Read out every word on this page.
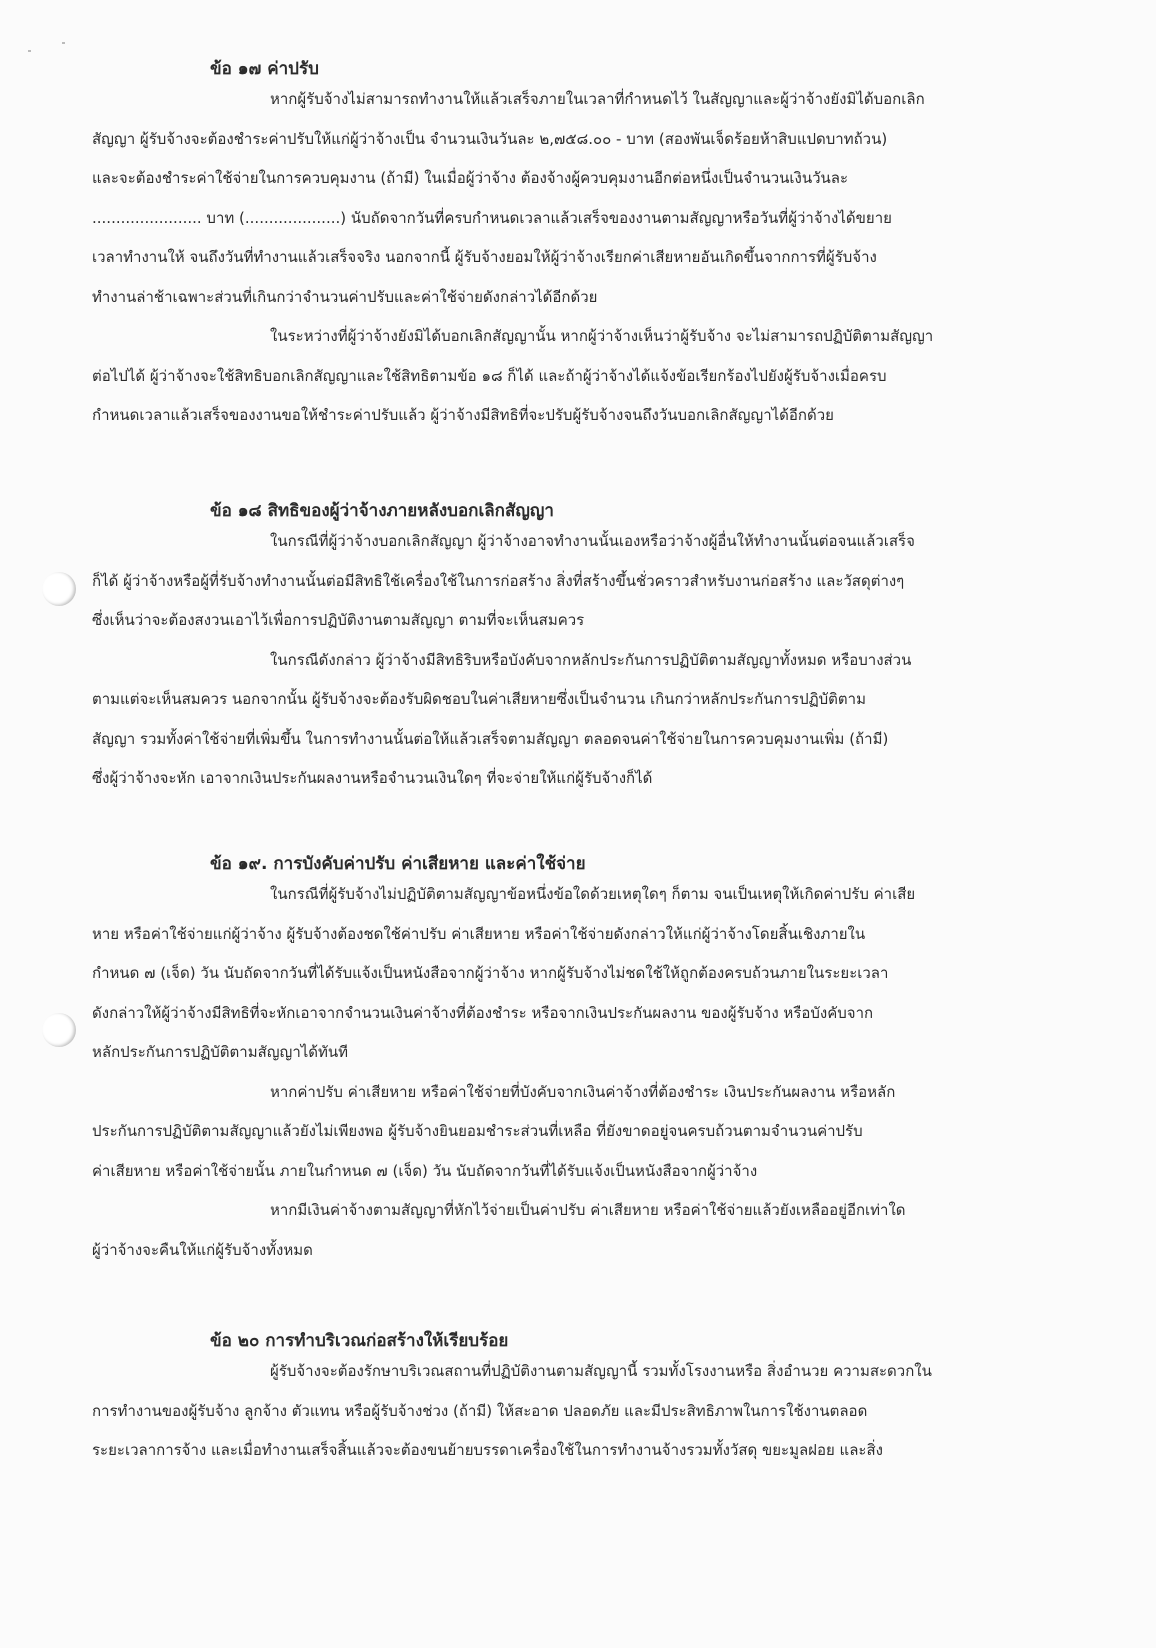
ข้อ ๑๗ ค่าปรับ
หากผู้รับจ้างไม่สามารถทำงานให้แล้วเสร็จภายในเวลาที่กำหนดไว้ ในสัญญาและผู้ว่าจ้างยังมิได้บอกเลิก
สัญญา ผู้รับจ้างจะต้องชำระค่าปรับให้แก่ผู้ว่าจ้างเป็น จำนวนเงินวันละ ๒,๗๕๘.๐๐ - บาท (สองพันเจ็ดร้อยห้าสิบแปดบาทถ้วน)
และจะต้องชำระค่าใช้จ่ายในการควบคุมงาน (ถ้ามี) ในเมื่อผู้ว่าจ้าง ต้องจ้างผู้ควบคุมงานอีกต่อหนึ่งเป็นจำนวนเงินวันละ
....................... บาท (....................) นับถัดจากวันที่ครบกำหนดเวลาแล้วเสร็จของงานตามสัญญาหรือวันที่ผู้ว่าจ้างได้ขยาย
เวลาทำงานให้ จนถึงวันที่ทำงานแล้วเสร็จจริง นอกจากนี้ ผู้รับจ้างยอมให้ผู้ว่าจ้างเรียกค่าเสียหายอันเกิดขึ้นจากการที่ผู้รับจ้าง
ทำงานล่าช้าเฉพาะส่วนที่เกินกว่าจำนวนค่าปรับและค่าใช้จ่ายดังกล่าวได้อีกด้วย
ในระหว่างที่ผู้ว่าจ้างยังมิได้บอกเลิกสัญญานั้น หากผู้ว่าจ้างเห็นว่าผู้รับจ้าง จะไม่สามารถปฏิบัติตามสัญญา
ต่อไปได้ ผู้ว่าจ้างจะใช้สิทธิบอกเลิกสัญญาและใช้สิทธิตามข้อ ๑๘ ก็ได้ และถ้าผู้ว่าจ้างได้แจ้งข้อเรียกร้องไปยังผู้รับจ้างเมื่อครบ
กำหนดเวลาแล้วเสร็จของงานขอให้ชำระค่าปรับแล้ว ผู้ว่าจ้างมีสิทธิที่จะปรับผู้รับจ้างจนถึงวันบอกเลิกสัญญาได้อีกด้วย
ข้อ ๑๘ สิทธิของผู้ว่าจ้างภายหลังบอกเลิกสัญญา
ในกรณีที่ผู้ว่าจ้างบอกเลิกสัญญา ผู้ว่าจ้างอาจทำงานนั้นเองหรือว่าจ้างผู้อื่นให้ทำงานนั้นต่อจนแล้วเสร็จ
ก็ได้ ผู้ว่าจ้างหรือผู้ที่รับจ้างทำงานนั้นต่อมีสิทธิใช้เครื่องใช้ในการก่อสร้าง สิ่งที่สร้างขึ้นชั่วคราวสำหรับงานก่อสร้าง และวัสดุต่างๆ
ซึ่งเห็นว่าจะต้องสงวนเอาไว้เพื่อการปฏิบัติงานตามสัญญา ตามที่จะเห็นสมควร
ในกรณีดังกล่าว ผู้ว่าจ้างมีสิทธิริบหรือบังคับจากหลักประกันการปฏิบัติตามสัญญาทั้งหมด หรือบางส่วน
ตามแต่จะเห็นสมควร นอกจากนั้น ผู้รับจ้างจะต้องรับผิดชอบในค่าเสียหายซึ่งเป็นจำนวน เกินกว่าหลักประกันการปฏิบัติตาม
สัญญา รวมทั้งค่าใช้จ่ายที่เพิ่มขึ้น ในการทำงานนั้นต่อให้แล้วเสร็จตามสัญญา ตลอดจนค่าใช้จ่ายในการควบคุมงานเพิ่ม (ถ้ามี)
ซึ่งผู้ว่าจ้างจะหัก เอาจากเงินประกันผลงานหรือจำนวนเงินใดๆ ที่จะจ่ายให้แก่ผู้รับจ้างก็ได้
ข้อ ๑๙. การบังคับค่าปรับ ค่าเสียหาย และค่าใช้จ่าย
ในกรณีที่ผู้รับจ้างไม่ปฏิบัติตามสัญญาข้อหนึ่งข้อใดด้วยเหตุใดๆ ก็ตาม จนเป็นเหตุให้เกิดค่าปรับ ค่าเสีย
หาย หรือค่าใช้จ่ายแก่ผู้ว่าจ้าง ผู้รับจ้างต้องชดใช้ค่าปรับ ค่าเสียหาย หรือค่าใช้จ่ายดังกล่าวให้แก่ผู้ว่าจ้างโดยสิ้นเชิงภายใน
กำหนด ๗ (เจ็ด) วัน นับถัดจากวันที่ได้รับแจ้งเป็นหนังสือจากผู้ว่าจ้าง หากผู้รับจ้างไม่ชดใช้ให้ถูกต้องครบถ้วนภายในระยะเวลา
ดังกล่าวให้ผู้ว่าจ้างมีสิทธิที่จะหักเอาจากจำนวนเงินค่าจ้างที่ต้องชำระ หรือจากเงินประกันผลงาน ของผู้รับจ้าง หรือบังคับจาก
หลักประกันการปฏิบัติตามสัญญาได้ทันที
หากค่าปรับ ค่าเสียหาย หรือค่าใช้จ่ายที่บังคับจากเงินค่าจ้างที่ต้องชำระ เงินประกันผลงาน หรือหลัก
ประกันการปฏิบัติตามสัญญาแล้วยังไม่เพียงพอ ผู้รับจ้างยินยอมชำระส่วนที่เหลือ ที่ยังขาดอยู่จนครบถ้วนตามจำนวนค่าปรับ
ค่าเสียหาย หรือค่าใช้จ่ายนั้น ภายในกำหนด ๗ (เจ็ด) วัน นับถัดจากวันที่ได้รับแจ้งเป็นหนังสือจากผู้ว่าจ้าง
หากมีเงินค่าจ้างตามสัญญาที่หักไว้จ่ายเป็นค่าปรับ ค่าเสียหาย หรือค่าใช้จ่ายแล้วยังเหลืออยู่อีกเท่าใด
ผู้ว่าจ้างจะคืนให้แก่ผู้รับจ้างทั้งหมด
ข้อ ๒๐ การทำบริเวณก่อสร้างให้เรียบร้อย
ผู้รับจ้างจะต้องรักษาบริเวณสถานที่ปฏิบัติงานตามสัญญานี้ รวมทั้งโรงงานหรือ สิ่งอำนวย ความสะดวกใน
การทำงานของผู้รับจ้าง ลูกจ้าง ตัวแทน หรือผู้รับจ้างช่วง (ถ้ามี) ให้สะอาด ปลอดภัย และมีประสิทธิภาพในการใช้งานตลอด
ระยะเวลาการจ้าง และเมื่อทำงานเสร็จสิ้นแล้วจะต้องขนย้ายบรรดาเครื่องใช้ในการทำงานจ้างรวมทั้งวัสดุ ขยะมูลฝอย และสิ่ง
